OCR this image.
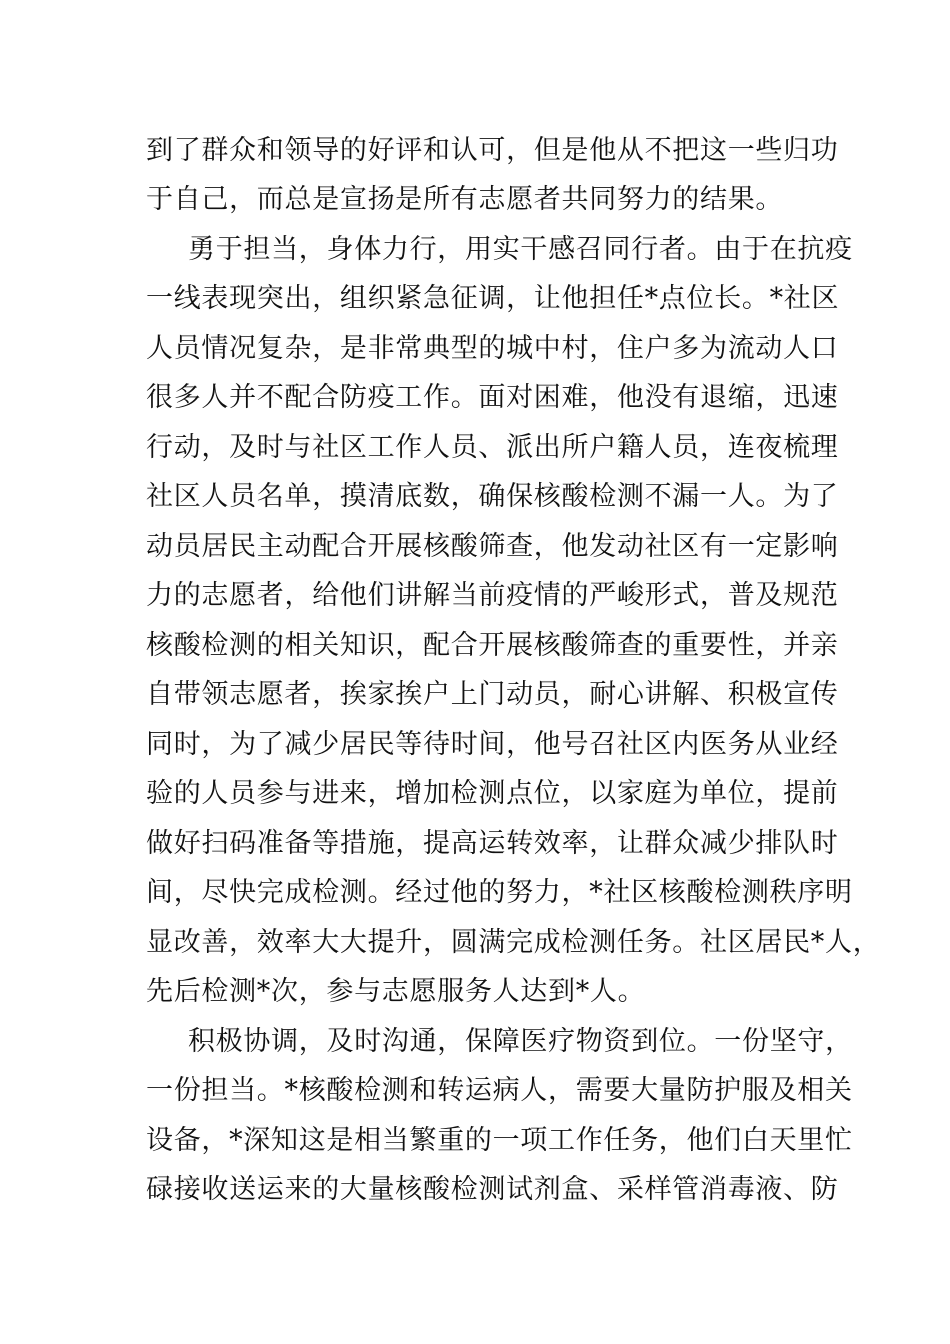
到了群众和领导的好评和认可，但是他从不把这一些归功
于自己，而总是宣扬是所有志愿者共同努力的结果。
勇于担当，身体力行，用实干感召同行者。由于在抗疫
一线表现突出，组织紧急征调，让他担任*点位长。*社区
人员情况复杂，是非常典型的城中村，住户多为流动人口
很多人并不配合防疫工作。面对困难，他没有退缩，迅速
行动，及时与社区工作人员、派出所户籍人员，连夜梳理
社区人员名单，摸清底数，确保核酸检测不漏一人。为了
动员居民主动配合开展核酸筛查，他发动社区有一定影响
力的志愿者，给他们讲解当前疫情的严峻形式，普及规范
核酸检测的相关知识，配合开展核酸筛查的重要性，并亲
自带领志愿者，挨家挨户上门动员，耐心讲解、积极宣传
同时，为了减少居民等待时间，他号召社区内医务从业经
验的人员参与进来，增加检测点位，以家庭为单位，提前
做好扫码准备等措施，提高运转效率，让群众减少排队时
间，尽快完成检测。经过他的努力，*社区核酸检测秩序明
显改善，效率大大提升，圆满完成检测任务。社区居民*人，
先后检测*次，参与志愿服务人达到*人。
积极协调，及时沟通，保障医疗物资到位。一份坚守，
一份担当。*核酸检测和转运病人，需要大量防护服及相关
设备，*深知这是相当繁重的一项工作任务，他们白天里忙
碌接收送运来的大量核酸检测试剂盒、采样管消毒液、防
